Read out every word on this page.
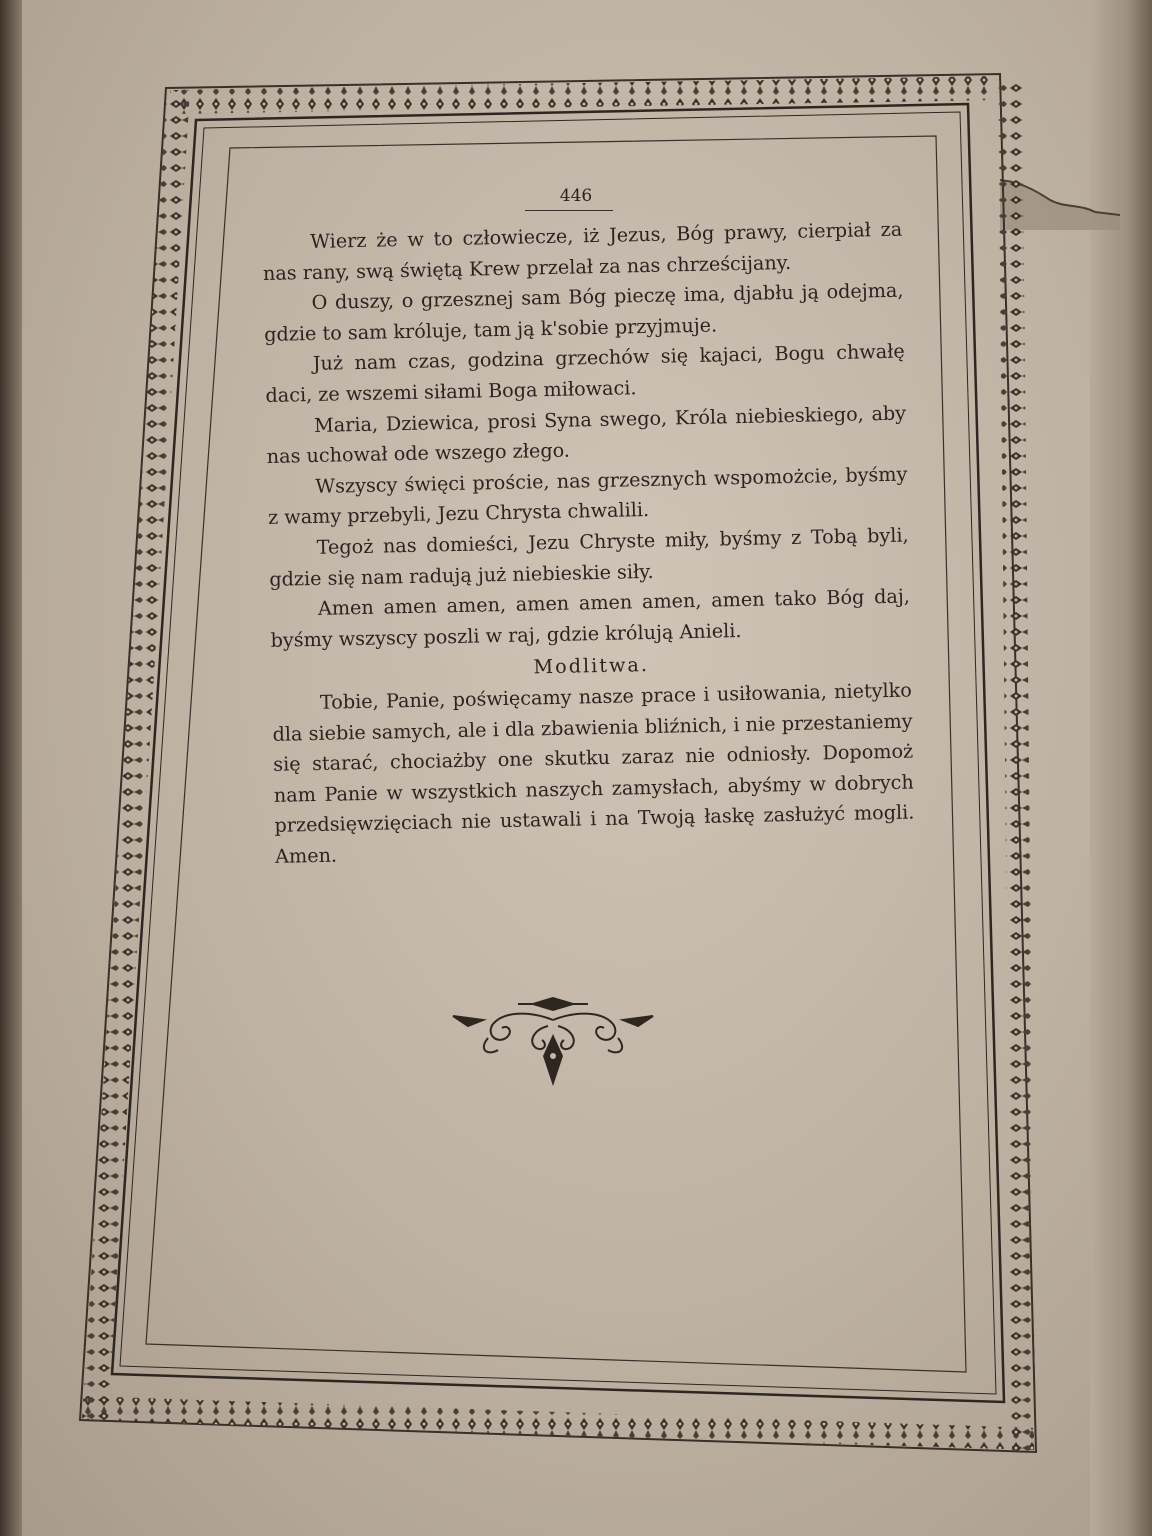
446

Wierz że w to człowiecze, iż Jezus, Bóg prawy, cierpiał za nas rany, swą świętą Krew przelał za nas chrześcijany.

O duszy, o grzesznej sam Bóg pieczę ima, djabłu ją odejma, gdzie to sam króluje, tam ją k'sobie przyjmuje.

Już nam czas, godzina grzechów się kajaci, Bogu chwałę daci, ze wszemi siłami Boga miłowaci.

Maria, Dziewica, prosi Syna swego, Króla niebieskiego, aby nas uchował ode wszego złego.

Wszyscy święci proście, nas grzesznych wspomożcie, byśmy z wamy przebyli, Jezu Chrysta chwalili.

Tegoż nas domieści, Jezu Chryste miły, byśmy z Tobą byli, gdzie się nam radują już niebieskie siły.

Amen amen amen, amen amen amen, amen tako Bóg daj, byśmy wszyscy poszli w raj, gdzie królują Anieli.

Modlitwa.

Tobie, Panie, poświęcamy nasze prace i usiłowania, nietylko dla siebie samych, ale i dla zbawienia bliźnich, i nie przestaniemy się starać, chociażby one skutku zaraz nie odniosły. Dopomoż nam Panie w wszystkich naszych zamysłach, abyśmy w dobrych przedsięwzięciach nie ustawali i na Twoją łaskę zasłużyć mogli. Amen.
